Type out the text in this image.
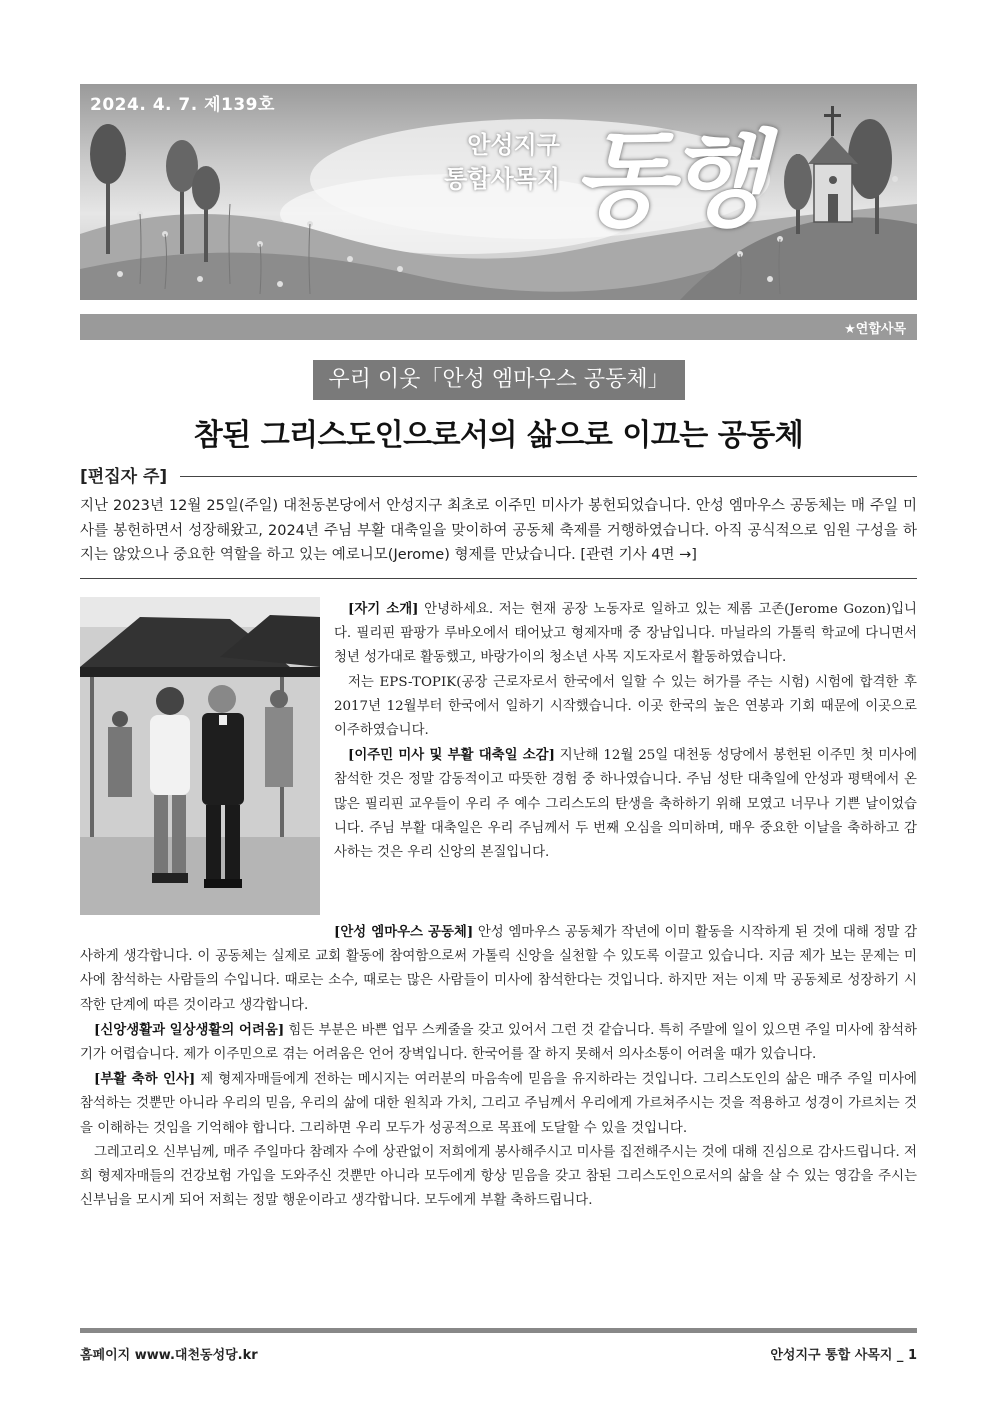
2024. 4. 7. 제139호
안성지구
통합사목지 동행
★연합사목
우리 이웃「안성 엠마우스 공동체」
참된 그리스도인으로서의 삶으로 이끄는 공동체
[편집자 주]
지난 2023년 12월 25일(주일) 대천동본당에서 안성지구 최초로 이주민 미사가 봉헌되었습니다. 안성 엠마우스 공동체는 매 주일 미사를 봉헌하면서 성장해왔고, 2024년 주님 부활 대축일을 맞이하여 공동체 축제를 거행하였습니다. 아직 공식적으로 임원 구성을 하지는 않았으나 중요한 역할을 하고 있는 예로니모(Jerome) 형제를 만났습니다. [관련 기사 4면 →]

[자기 소개] 안녕하세요. 저는 현재 공장 노동자로 일하고 있는 제롬 고존(Jerome Gozon)입니다. 필리핀 팜팡가 루바오에서 태어났고 형제자매 중 장남입니다. 마닐라의 가톨릭 학교에 다니면서 청년 성가대로 활동했고, 바랑가이의 청소년 사목 지도자로서 활동하였습니다.

저는 EPS-TOPIK(공장 근로자로서 한국에서 일할 수 있는 허가를 주는 시험) 시험에 합격한 후 2017년 12월부터 한국에서 일하기 시작했습니다. 이곳 한국의 높은 연봉과 기회 때문에 이곳으로 이주하였습니다.

[이주민 미사 및 부활 대축일 소감] 지난해 12월 25일 대천동 성당에서 봉헌된 이주민 첫 미사에 참석한 것은 정말 감동적이고 따뜻한 경험 중 하나였습니다. 주님 성탄 대축일에 안성과 평택에서 온 많은 필리핀 교우들이 우리 주 예수 그리스도의 탄생을 축하하기 위해 모였고 너무나 기쁜 날이었습니다. 주님 부활 대축일은 우리 주님께서 두 번째 오심을 의미하며, 매우 중요한 이날을 축하하고 감사하는 것은 우리 신앙의 본질입니다.

[안성 엠마우스 공동체] 안성 엠마우스 공동체가 작년에 이미 활동을 시작하게 된 것에 대해 정말 감사하게 생각합니다. 이 공동체는 실제로 교회 활동에 참여함으로써 가톨릭 신앙을 실천할 수 있도록 이끌고 있습니다. 지금 제가 보는 문제는 미사에 참석하는 사람들의 수입니다. 때로는 소수, 때로는 많은 사람들이 미사에 참석한다는 것입니다. 하지만 저는 이제 막 공동체로 성장하기 시작한 단계에 따른 것이라고 생각합니다.

[신앙생활과 일상생활의 어려움] 힘든 부분은 바쁜 업무 스케줄을 갖고 있어서 그런 것 같습니다. 특히 주말에 일이 있으면 주일 미사에 참석하기가 어렵습니다. 제가 이주민으로 겪는 어려움은 언어 장벽입니다. 한국어를 잘 하지 못해서 의사소통이 어려울 때가 있습니다.

[부활 축하 인사] 제 형제자매들에게 전하는 메시지는 여러분의 마음속에 믿음을 유지하라는 것입니다. 그리스도인의 삶은 매주 주일 미사에 참석하는 것뿐만 아니라 우리의 믿음, 우리의 삶에 대한 원칙과 가치, 그리고 주님께서 우리에게 가르쳐주시는 것을 적용하고 성경이 가르치는 것을 이해하는 것임을 기억해야 합니다. 그리하면 우리 모두가 성공적으로 목표에 도달할 수 있을 것입니다.

그레고리오 신부님께, 매주 주일마다 참례자 수에 상관없이 저희에게 봉사해주시고 미사를 집전해주시는 것에 대해 진심으로 감사드립니다. 저희 형제자매들의 건강보험 가입을 도와주신 것뿐만 아니라 모두에게 항상 믿음을 갖고 참된 그리스도인으로서의 삶을 살 수 있는 영감을 주시는 신부님을 모시게 되어 저희는 정말 행운이라고 생각합니다. 모두에게 부활 축하드립니다.

홈페이지 www.대천동성당.kr	안성지구 통합 사목지 _ 1
